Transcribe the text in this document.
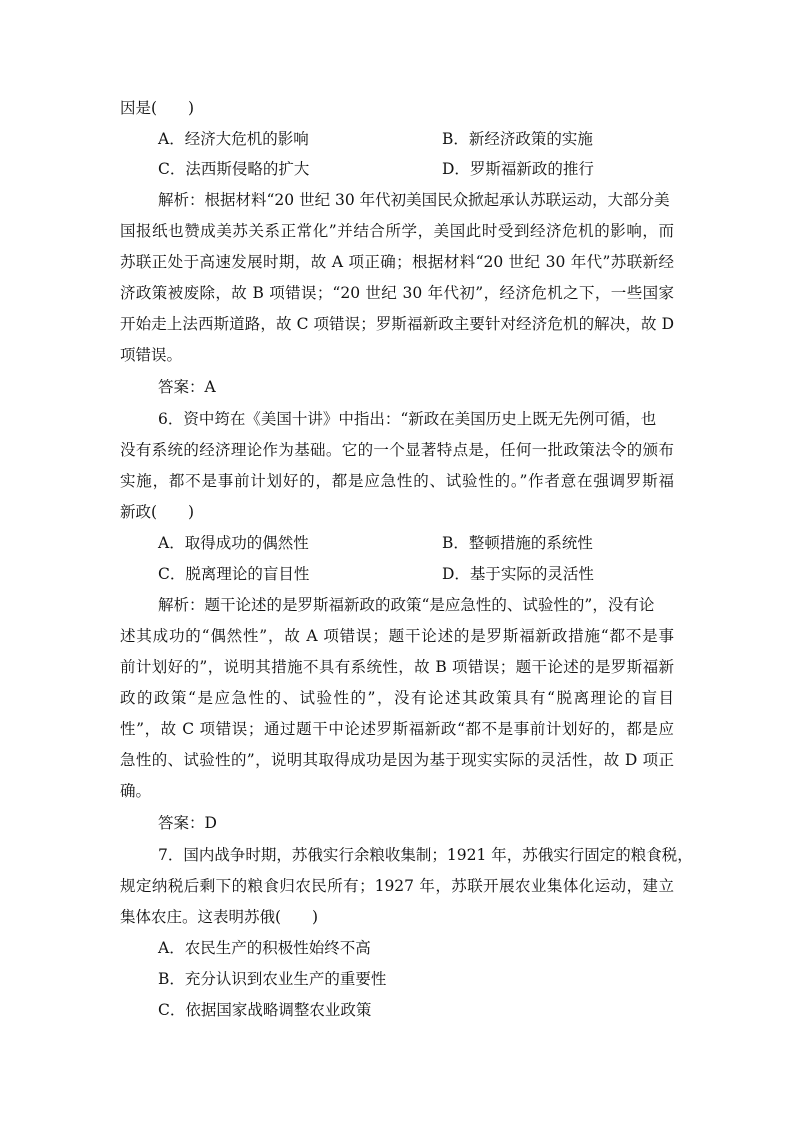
因是(　　)
A．经济大危机的影响	B．新经济政策的实施
C．法西斯侵略的扩大	D．罗斯福新政的推行
解析：根据材料“20 世纪 30 年代初美国民众掀起承认苏联运动，大部分美
国报纸也赞成美苏关系正常化”并结合所学，美国此时受到经济危机的影响，而
苏联正处于高速发展时期，故 A 项正确；根据材料“20 世纪 30 年代”苏联新经
济政策被废除，故 B 项错误；“20 世纪 30 年代初”，经济危机之下，一些国家
开始走上法西斯道路，故 C 项错误；罗斯福新政主要针对经济危机的解决，故 D
项错误。
答案：A
6．资中筠在《美国十讲》中指出：“新政在美国历史上既无先例可循，也
没有系统的经济理论作为基础。它的一个显著特点是，任何一批政策法令的颁布
实施，都不是事前计划好的，都是应急性的、试验性的。”作者意在强调罗斯福
新政(　　)
A．取得成功的偶然性	B．整顿措施的系统性
C．脱离理论的盲目性	D．基于实际的灵活性
解析：题干论述的是罗斯福新政的政策“是应急性的、试验性的”，没有论
述其成功的“偶然性”，故 A 项错误；题干论述的是罗斯福新政措施“都不是事
前计划好的”，说明其措施不具有系统性，故 B 项错误；题干论述的是罗斯福新
政的政策“是应急性的、试验性的”，没有论述其政策具有“脱离理论的盲目
性”，故 C 项错误；通过题干中论述罗斯福新政“都不是事前计划好的，都是应
急性的、试验性的”，说明其取得成功是因为基于现实实际的灵活性，故 D 项正
确。
答案：D
7．国内战争时期，苏俄实行余粮收集制；1921 年，苏俄实行固定的粮食税，
规定纳税后剩下的粮食归农民所有；1927 年，苏联开展农业集体化运动，建立
集体农庄。这表明苏俄(　　)
A．农民生产的积极性始终不高
B．充分认识到农业生产的重要性
C．依据国家战略调整农业政策
